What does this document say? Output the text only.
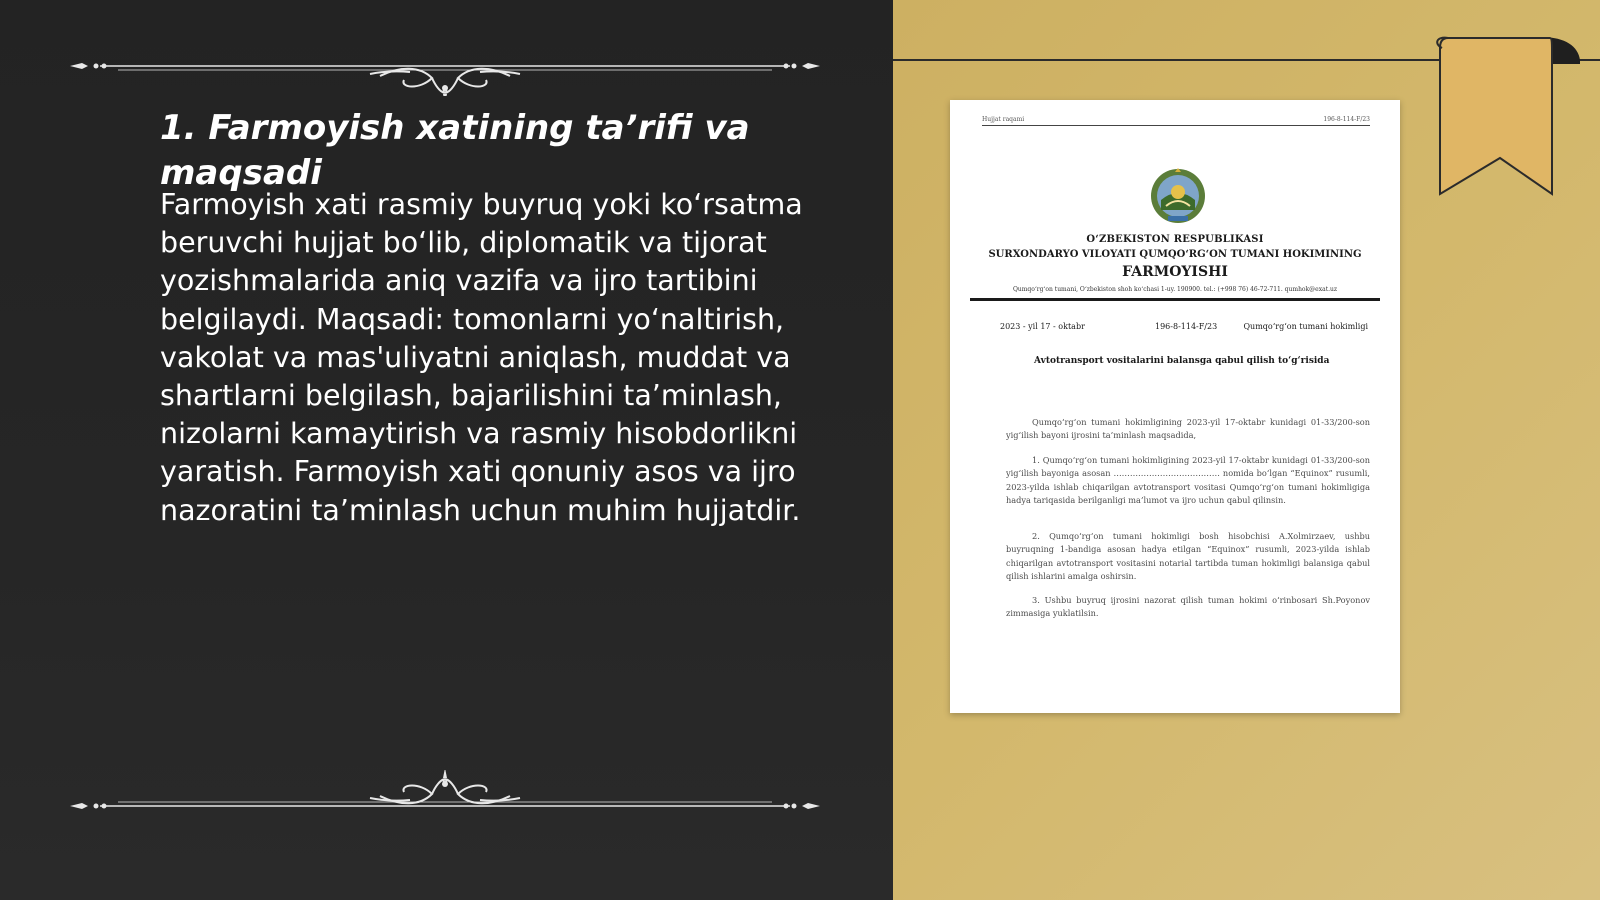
1. Farmoyish xatining ta’rifi va maqsadi
Farmoyish xati rasmiy buyruq yoki ko‘rsatma beruvchi hujjat bo‘lib, diplomatik va tijorat yozishmalarida aniq vazifa va ijro tartibini belgilaydi. Maqsadi: tomonlarni yo‘naltirish, vakolat va mas'uliyatni aniqlash, muddat va shartlarni belgilash, bajarilishini ta’minlash, nizolarni kamaytirish va rasmiy hisobdorlikni yaratish. Farmoyish xati qonuniy asos va ijro nazoratini ta’minlash uchun muhim hujjatdir.
Hujjat raqami	196-8-114-F/23
O‘ZBEKISTON RESPUBLIKASI
SURXONDARYO VILOYATI QUMQO‘RG‘ON TUMANI HOKIMINING
FARMOYISHI
Qumqo‘rg‘on tumani, O‘zbekiston shoh ko‘chasi 1-uy. 190900. tel.: (+998 76) 46-72-711. qumhok@exat.uz
2023 - yil 17 - oktabr	196-8-114-F/23	Qumqo‘rg‘on tumani hokimligi
Avtotransport vositalarini balansga qabul qilish to‘g‘risida
Qumqo‘rg‘on tumani hokimligining 2023-yil 17-oktabr kunidagi 01-33/200-son yig‘ilish bayoni ijrosini ta’minlash maqsadida,
1. Qumqo‘rg‘on tumani hokimligining 2023-yil 17-oktabr kunidagi 01-33/200-son yig‘ilish bayoniga asosan ………………………………… nomida bo‘lgan “Equinox” rusumli, 2023-yilda ishlab chiqarilgan avtotransport vositasi Qumqo‘rg‘on tumani hokimligiga hadya tariqasida berilganligi ma’lumot va ijro uchun qabul qilinsin.
2. Qumqo‘rg‘on tumani hokimligi bosh hisobchisi A.Xolmirzaev, ushbu buyruqning 1-bandiga asosan hadya etilgan “Equinox” rusumli, 2023-yilda ishlab chiqarilgan avtotransport vositasini notarial tartibda tuman hokimligi balansiga qabul qilish ishlarini amalga oshirsin.
3. Ushbu buyruq ijrosini nazorat qilish tuman hokimi o‘rinbosari Sh.Poyonov zimmasiga yuklatilsin.
